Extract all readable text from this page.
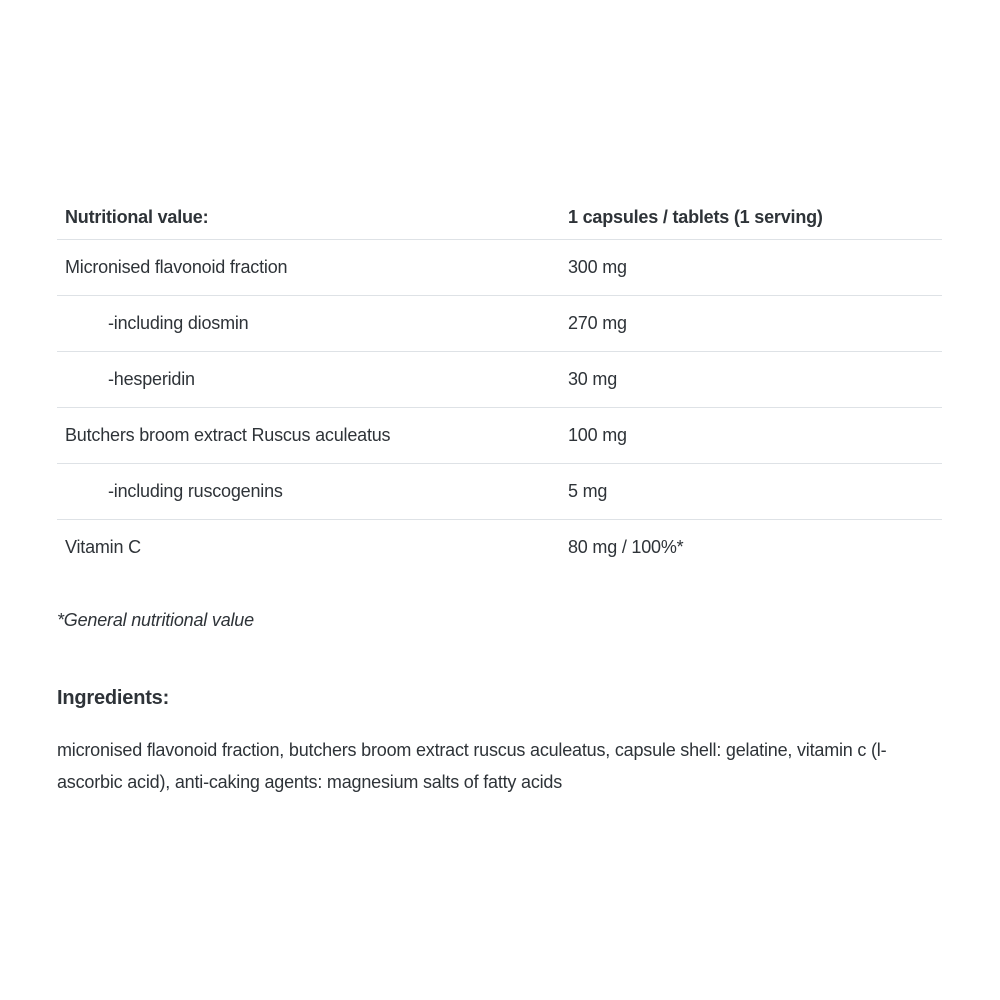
Nutritional value:	1 capsules / tablets (1 serving)
Micronised flavonoid fraction	300 mg
-including diosmin	270 mg
-hesperidin	30 mg
Butchers broom extract Ruscus aculeatus	100 mg
-including ruscogenins	5 mg
Vitamin C	80 mg / 100%*
*General nutritional value
Ingredients:
micronised flavonoid fraction, butchers broom extract ruscus aculeatus, capsule shell: gelatine, vitamin c (l-ascorbic acid), anti-caking agents: magnesium salts of fatty acids
